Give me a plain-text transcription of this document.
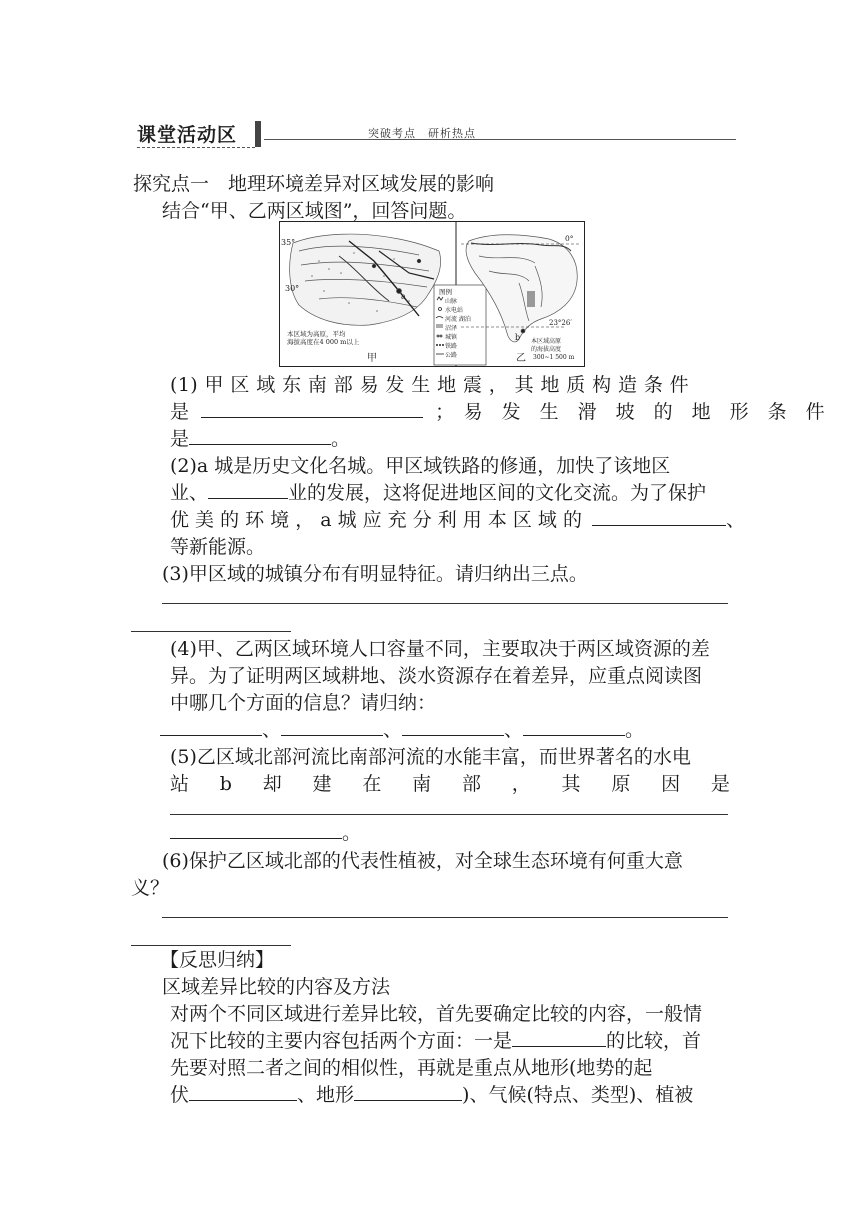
课堂活动区	突破考点　研析热点
探究点一　地理环境差异对区域发展的影响
结合“甲、乙两区域图”，回答问题。
35°
30°
a
本区域为高原，平均
海拔高度在4 000 m以上
甲
图例
山脉
水电站
河流 湖泊
沼泽
城镇
铁路
公路
0°
23°26′
b 本区域高原
的海拔高度
300~1 500 m
乙
(1) 甲 区 域 东 南 部 易 发 生 地 震 ， 其 地 质 构 造 条 件
是	；　易　发　生　滑　坡　的　地　形　条　件
是	。
(2)a 城是历史文化名城。甲区域铁路的修通，加快了该地区
业、	业的发展，这将促进地区间的文化交流。为了保护
优 美 的 环 境 ， a 城 应 充 分 利 用 本 区 域 的	、
等新能源。
(3)甲区域的城镇分布有明显特征。请归纳出三点。
(4)甲、乙两区域环境人口容量不同，主要取决于两区域资源的差
异。为了证明两区域耕地、淡水资源存在着差异，应重点阅读图
中哪几个方面的信息？请归纳：
、	、	、	。
(5)乙区域北部河流比南部河流的水能丰富，而世界著名的水电
站 b 却 建 在 南 部 ， 其 原 因 是
。
(6)保护乙区域北部的代表性植被，对全球生态环境有何重大意
义？
【反思归纳】
区域差异比较的内容及方法
对两个不同区域进行差异比较，首先要确定比较的内容，一般情
况下比较的主要内容包括两个方面：一是	的比较，首
先要对照二者之间的相似性，再就是重点从地形(地势的起
伏	、地形	)、气候(特点、类型)、植被
